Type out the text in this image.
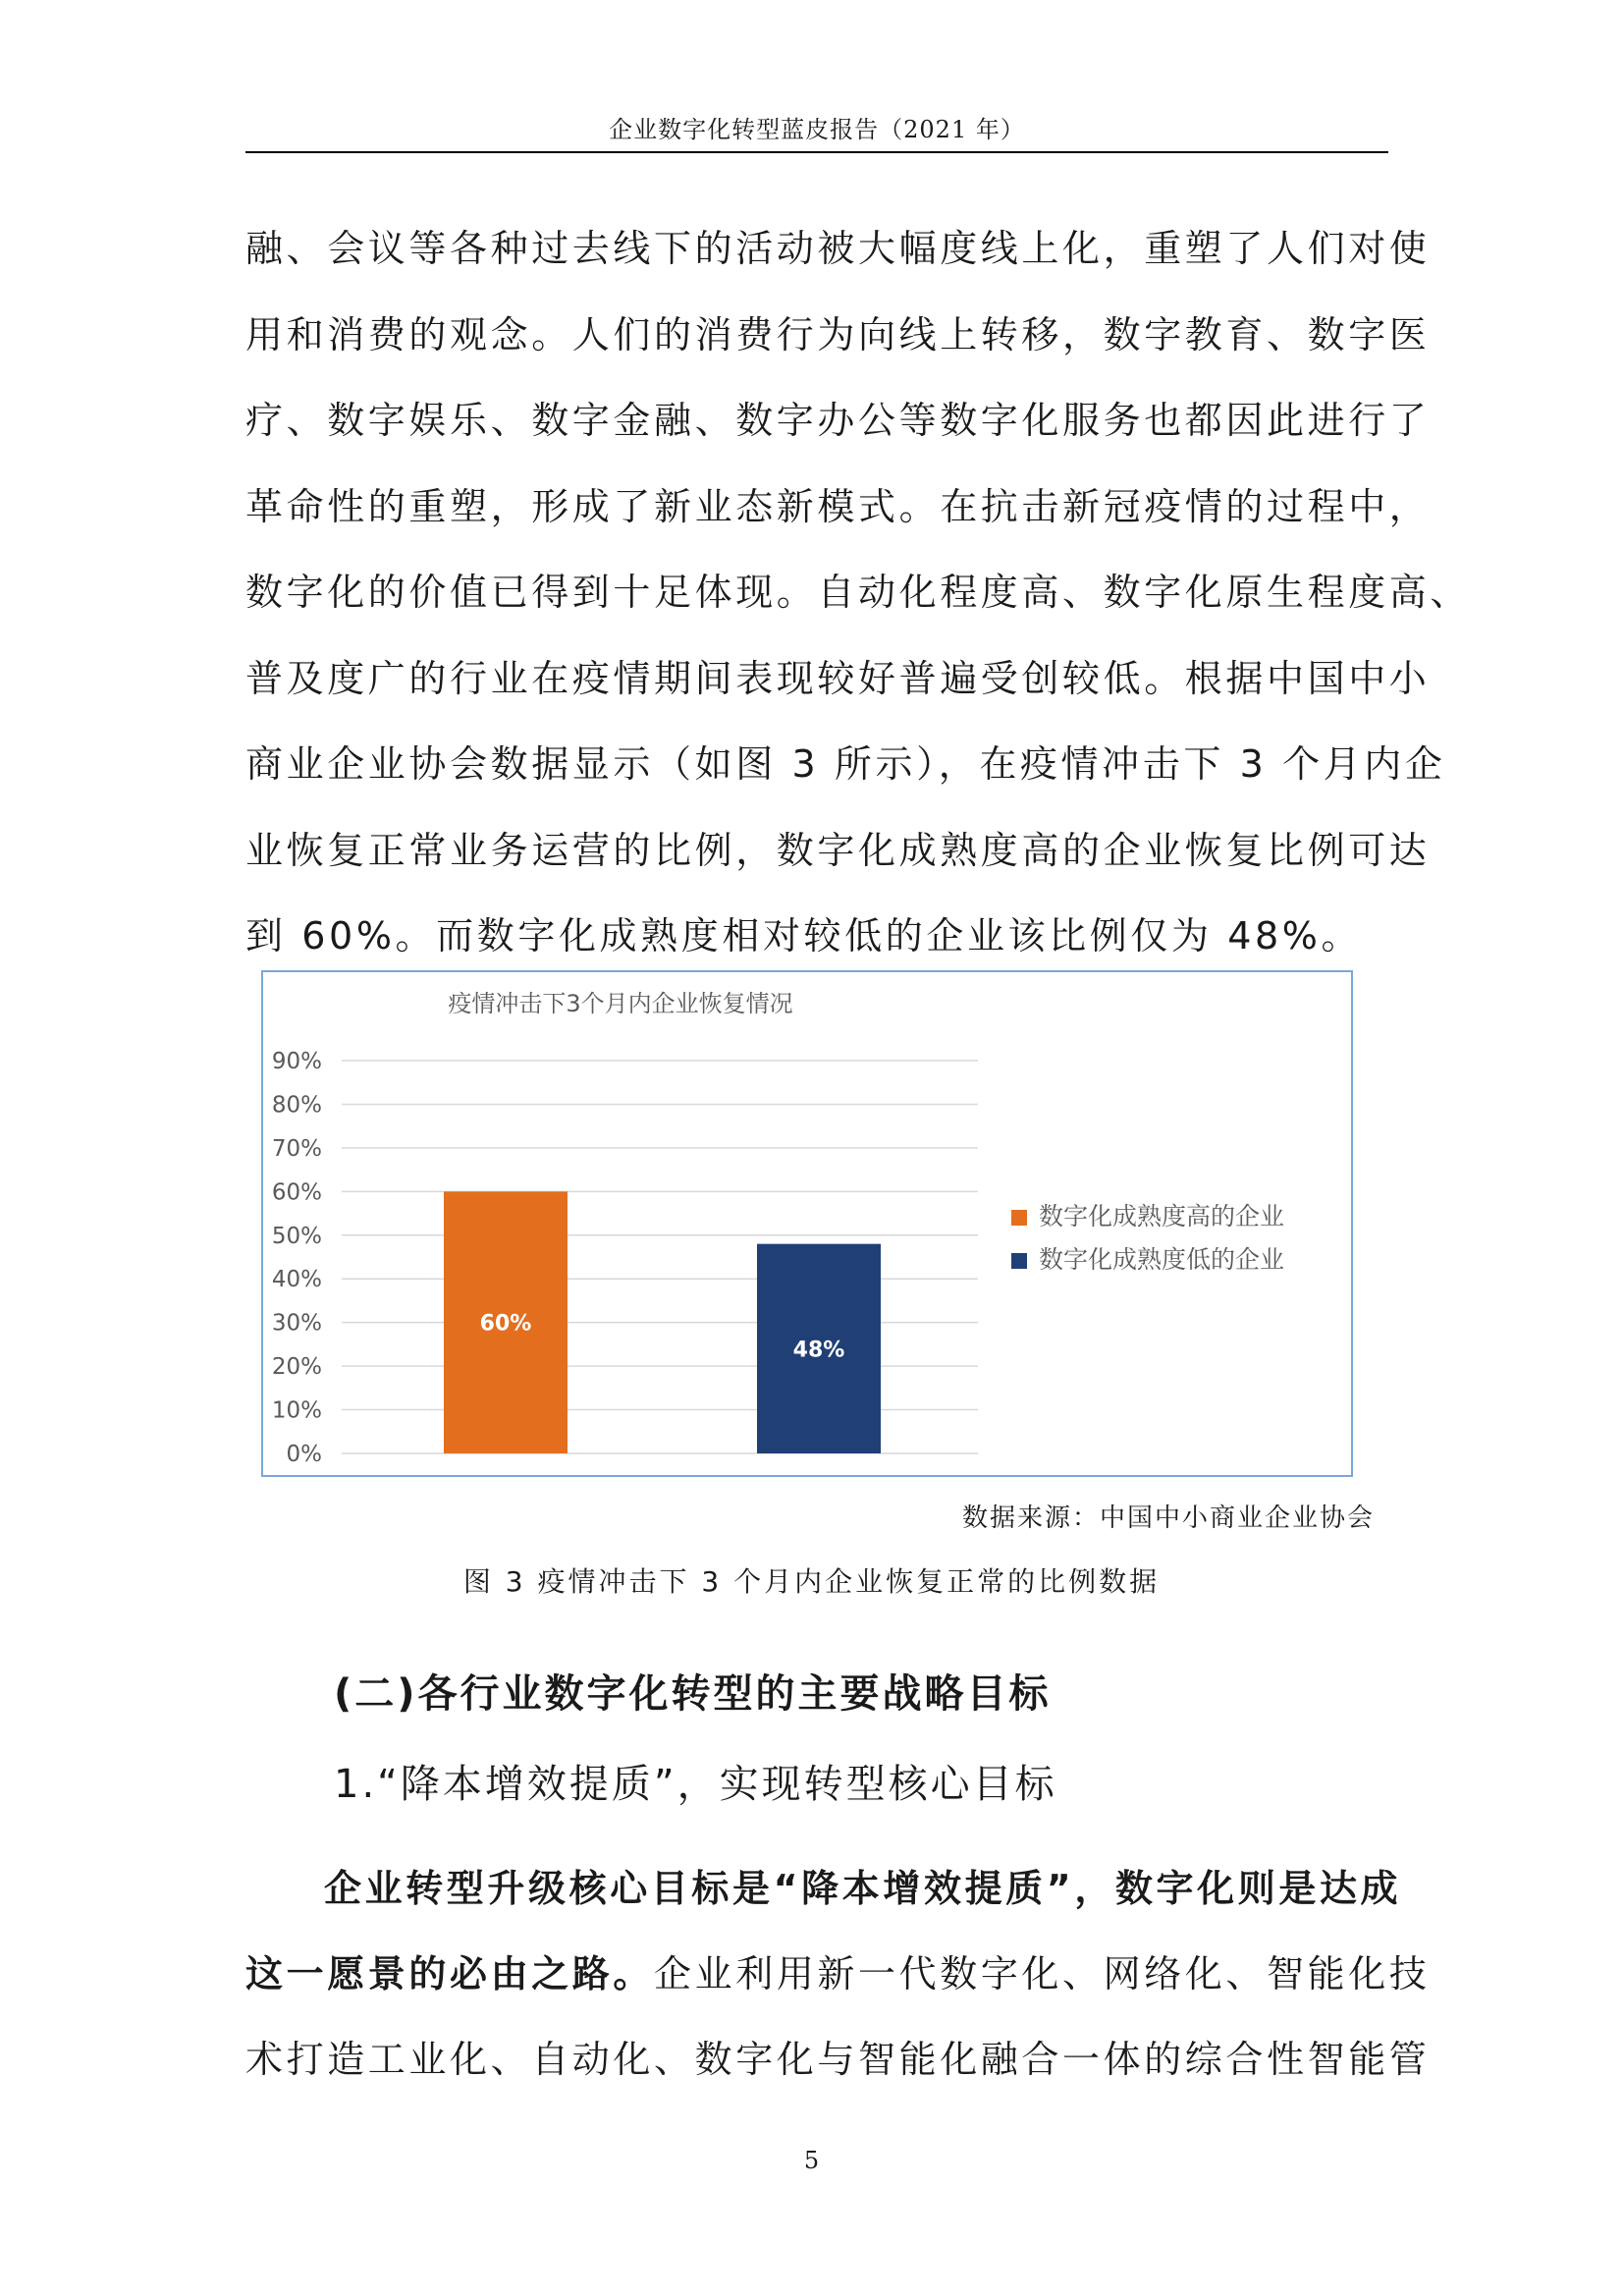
企业数字化转型蓝皮报告（2021 年）
融、会议等各种过去线下的活动被大幅度线上化，重塑了人们对使
用和消费的观念。人们的消费行为向线上转移，数字教育、数字医
疗、数字娱乐、数字金融、数字办公等数字化服务也都因此进行了
革命性的重塑，形成了新业态新模式。在抗击新冠疫情的过程中，
数字化的价值已得到十足体现。自动化程度高、数字化原生程度高、
普及度广的行业在疫情期间表现较好普遍受创较低。根据中国中小
商业企业协会数据显示（如图 3 所示），在疫情冲击下 3 个月内企
业恢复正常业务运营的比例，数字化成熟度高的企业恢复比例可达
到 60%。而数字化成熟度相对较低的企业该比例仅为 48%。
疫情冲击下3个月内企业恢复情况
0%
10%
20%
30%
40%
50%
60%
70%
80%
90%
60%
48%
数字化成熟度高的企业
数字化成熟度低的企业
数据来源：中国中小商业企业协会
图 3 疫情冲击下 3 个月内企业恢复正常的比例数据
(二)各行业数字化转型的主要战略目标
1.“降本增效提质”，实现转型核心目标
企业转型升级核心目标是“降本增效提质”，数字化则是达成
这一愿景的必由之路。企业利用新一代数字化、网络化、智能化技
术打造工业化、自动化、数字化与智能化融合一体的综合性智能管
5
